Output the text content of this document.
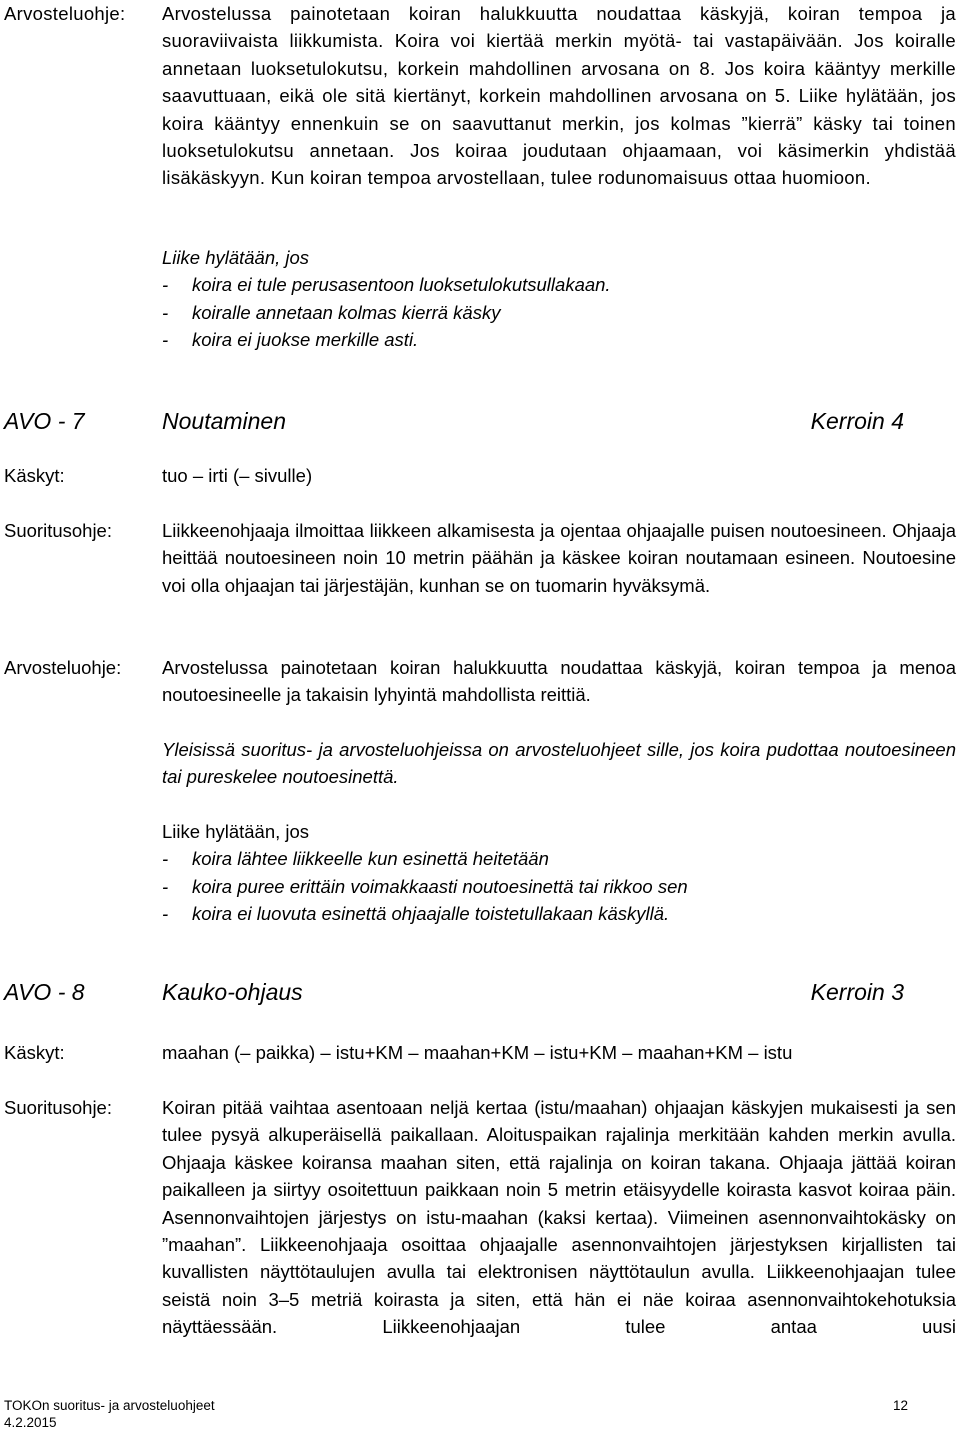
Arvosteluohje: Arvostelussa painotetaan koiran halukkuutta noudattaa käskyjä, koiran tempoa ja suoraviivaista liikkumista. Koira voi kiertää merkin myötä- tai vastapäivään. Jos koiralle annetaan luoksetulokutsu, korkein mahdollinen arvosana on 8. Jos koira kääntyy merkille saavuttuaan, eikä ole sitä kiertänyt, korkein mahdollinen arvosana on 5. Liike hylätään, jos koira kääntyy ennenkuin se on saavuttanut merkin, jos kolmas ”kierrä” käsky tai toinen luoksetulokutsu annetaan. Jos koiraa joudutaan ohjaamaan, voi käsimerkin yhdistää lisäkäskyyn. Kun koiran tempoa arvostellaan, tulee rodunomaisuus ottaa huomioon.

Liike hylätään, jos
- koira ei tule perusasentoon luoksetulokutsullakaan.
- koiralle annetaan kolmas kierrä käsky
- koira ei juokse merkille asti.
AVO - 7	Noutaminen	Kerroin 4
Käskyt:	tuo – irti (– sivulle)
Suoritusohje:	Liikkeenohjaaja ilmoittaa liikkeen alkamisesta ja ojentaa ohjaajalle puisen noutoesineen. Ohjaaja heittää noutoesineen noin 10 metrin päähän ja käskee koiran noutamaan esineen. Noutoesine voi olla ohjaajan tai järjestäjän, kunhan se on tuomarin hyväksymä.
Arvosteluohje: Arvostelussa painotetaan koiran halukkuutta noudattaa käskyjä, koiran tempoa ja menoa noutoesineelle ja takaisin lyhyintä mahdollista reittiä.
Yleisissä suoritus- ja arvosteluohjeissa on arvosteluohjeet sille, jos koira pudottaa noutoesineen tai pureskelee noutoesinettä.
Liike hylätään, jos
- koira lähtee liikkeelle kun esinettä heitetään
- koira puree erittäin voimakkaasti noutoesinettä tai rikkoo sen
- koira ei luovuta esinettä ohjaajalle toistetullakaan käskyllä.
AVO - 8	Kauko-ohjaus	Kerroin 3
Käskyt:	maahan (– paikka) – istu+KM – maahan+KM – istu+KM – maahan+KM – istu
Suoritusohje:	Koiran pitää vaihtaa asentoaan neljä kertaa (istu/maahan) ohjaajan käskyjen mukaisesti ja sen tulee pysyä alkuperäisellä paikallaan. Aloituspaikan rajalinja merkitään kahden merkin avulla. Ohjaaja käskee koiransa maahan siten, että rajalinja on koiran takana. Ohjaaja jättää koiran paikalleen ja siirtyy osoitettuun paikkaan noin 5 metrin etäisyydelle koirasta kasvot koiraa päin. Asennonvaihtojen järjestys on istu-maahan (kaksi kertaa). Viimeinen asennonvaihtokäsky on ”maahan”. Liikkeenohjaaja osoittaa ohjaajalle asennonvaihtojen järjestyksen kirjallisten tai kuvallisten näyttötaulujen avulla tai elektronisen näyttötaulun avulla. Liikkeenohjaajan tulee seistä noin 3–5 metriä koirasta ja siten, että hän ei näe koiraa asennonvaihtokehotuksia näyttäessään. Liikkeenohjaajan tulee antaa uusi
TOKOn suoritus- ja arvosteluohjeet
4.2.2015
12
